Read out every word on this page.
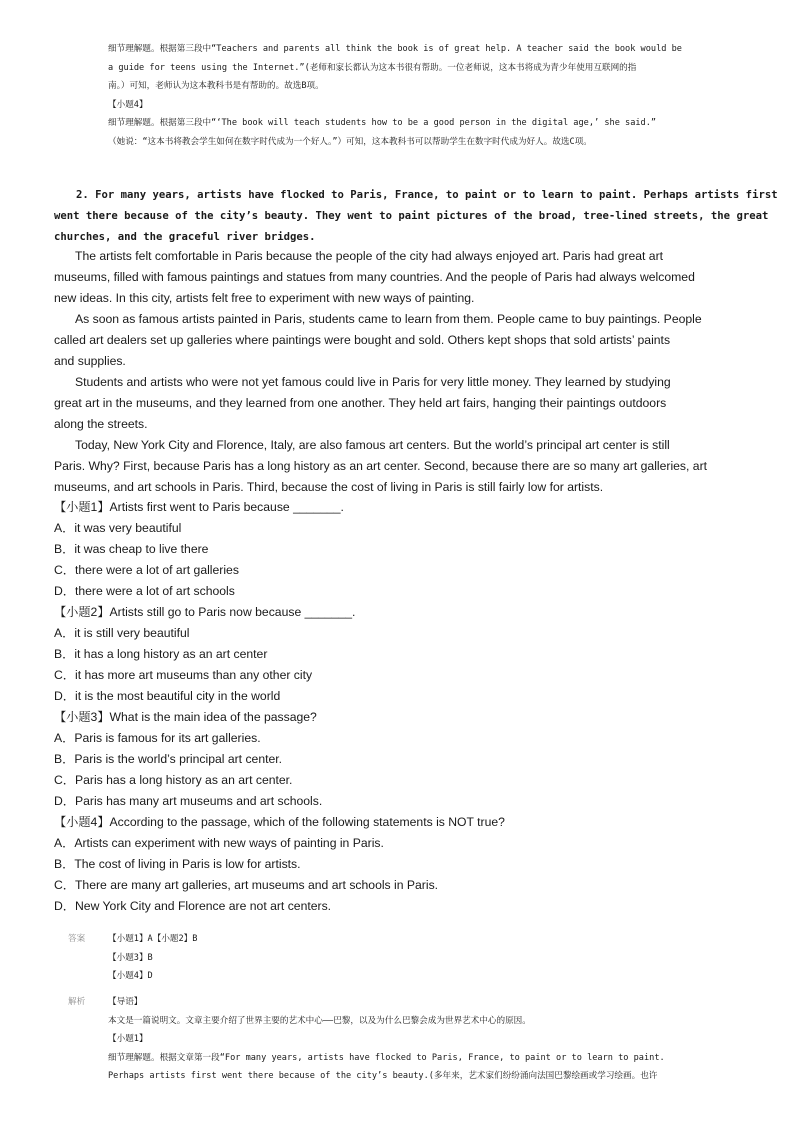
细节理解题。根据第三段中“Teachers and parents all think the book is of great help. A teacher said the book would be
a guide for teens using the Internet.”(老师和家长都认为这本书很有帮助。一位老师说，这本书将成为青少年使用互联网的指
南。）可知，老师认为这本教科书是有帮助的。故选B项。
【小题4】
细节理解题。根据第三段中“‘The book will teach students how to be a good person in the digital age,’ she said.”
（她说：“这本书将教会学生如何在数字时代成为一个好人。”）可知，这本教科书可以帮助学生在数字时代成为好人。故选C项。
2. For many years, artists have flocked to Paris, France, to paint or to learn to paint. Perhaps artists first
went there because of the city’s beauty. They went to paint pictures of the broad, tree-lined streets, the great
churches, and the graceful river bridges.
The artists felt comfortable in Paris because the people of the city had always enjoyed art. Paris had great art
museums, filled with famous paintings and statues from many countries. And the people of Paris had always welcomed
new ideas. In this city, artists felt free to experiment with new ways of painting.
As soon as famous artists painted in Paris, students came to learn from them. People came to buy paintings. People
called art dealers set up galleries where paintings were bought and sold. Others kept shops that sold artists’ paints
and supplies.
Students and artists who were not yet famous could live in Paris for very little money. They learned by studying
great art in the museums, and they learned from one another. They held art fairs, hanging their paintings outdoors
along the streets.
Today, New York City and Florence, Italy, are also famous art centers. But the world’s principal art center is still
Paris. Why? First, because Paris has a long history as an art center. Second, because there are so many art galleries, art
museums, and art schools in Paris. Third, because the cost of living in Paris is still fairly low for artists.
【小题1】Artists first went to Paris because _______.
A．it was very beautiful
B．it was cheap to live there
C．there were a lot of art galleries
D．there were a lot of art schools
【小题2】Artists still go to Paris now because _______.
A．it is still very beautiful
B．it has a long history as an art center
C．it has more art museums than any other city
D．it is the most beautiful city in the world
【小题3】What is the main idea of the passage?
A．Paris is famous for its art galleries.
B．Paris is the world’s principal art center.
C．Paris has a long history as an art center.
D．Paris has many art museums and art schools.
【小题4】According to the passage, which of the following statements is NOT true?
A．Artists can experiment with new ways of painting in Paris.
B．The cost of living in Paris is low for artists.
C．There are many art galleries, art museums and art schools in Paris.
D．New York City and Florence are not art centers.
答案	【小题1】A【小题2】B
【小题3】B
【小题4】D
解析	【导语】
本文是一篇说明文。文章主要介绍了世界主要的艺术中心——巴黎，以及为什么巴黎会成为世界艺术中心的原因。
【小题1】
细节理解题。根据文章第一段“For many years, artists have flocked to Paris, France, to paint or to learn to paint.
Perhaps artists first went there because of the city’s beauty.(多年来，艺术家们纷纷涌向法国巴黎绘画或学习绘画。也许
